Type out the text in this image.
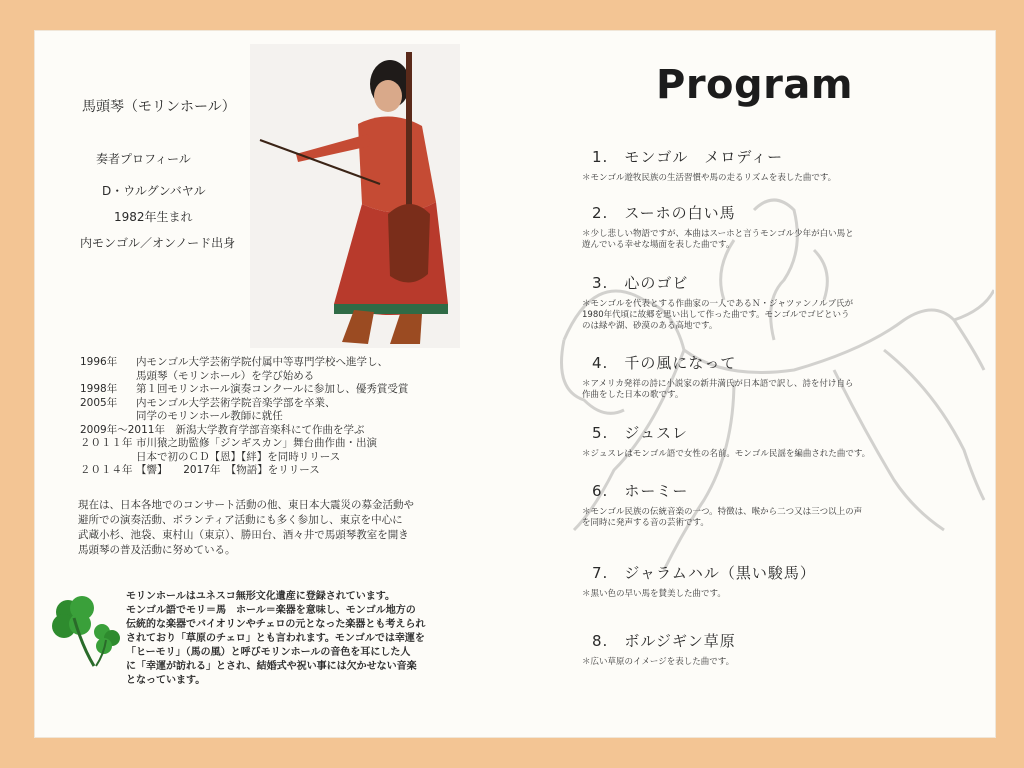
馬頭琴（モリンホール）
奏者プロフィール
D・ウルグンバヤル
1982年生まれ
内モンゴル／オンノード出身
1996年	内モンゴル大学芸術学院付属中等専門学校へ進学し、
馬頭琴（モリンホール）を学び始める
1998年	第１回モリンホール演奏コンクールに参加し、優秀賞受賞
2005年	内モンゴル大学芸術学院音楽学部を卒業、
同学のモリンホール教師に就任
2009年～2011年　 新潟大学教育学部音楽科にて作曲を学ぶ
２０１１年 市川猿之助監修「ジンギスカン」舞台曲作曲・出演
日本で初のＣＤ【恩】【絆】を同時リリース
２０１４年 【響】　　2017年　【物語】をリリース
現在は、日本各地でのコンサート活動の他、東日本大震災の募金活動や
避所での演奏活動、ボランティア活動にも多く参加し、東京を中心に
武蔵小杉、池袋、東村山（東京）、勝田台、酒々井で馬頭琴教室を開き
馬頭琴の普及活動に努めている。
モリンホールはユネスコ無形文化遺産に登録されています。
モンゴル語でモリ＝馬　ホール＝楽器を意味し、モンゴル地方の
伝統的な楽器でバイオリンやチェロの元となった楽器とも考えられ
されており「草原のチェロ」とも言われます。モンゴルでは幸運を
「ヒーモリ」（馬の風）と呼びモリンホールの音色を耳にした人
に「幸運が訪れる」とされ、結婚式や祝い事には欠かせない音楽
となっています。
Program
1.　 モンゴル　メロディー
＊モンゴル遊牧民族の生活習慣や馬の走るリズムを表した曲です。
2.　 スーホの白い馬
＊少し悲しい物語ですが、本曲はスーホと言うモンゴル少年が白い馬と
遊んでいる幸せな場面を表した曲です。
3.　 心のゴビ
＊モンゴルを代表とする作曲家の一人であるＮ・ジャツァンノルブ氏が
1980年代頃に故郷を思い出して作った曲です。モンゴルでゴビという
のは緑や湖、砂漠のある高地です。
4.　 千の風になって
＊アメリカ発祥の詩に小説家の新井満氏が日本語で訳し、詩を付け自ら
作曲をした日本の歌です。
5.　 ジュスレ
＊ジュスレはモンゴル語で女性の名前。モンゴル民謡を編曲された曲です。
6.　 ホーミー
＊モンゴル民族の伝統音楽の一つ。特徴は、喉から二つ又は三つ以上の声
を同時に発声する音の芸術です。
7.　 ジャラムハル（黒い駿馬）
＊黒い色の早い馬を賛美した曲です。
8.　 ボルジギン草原
＊広い草原のイメージを表した曲です。
